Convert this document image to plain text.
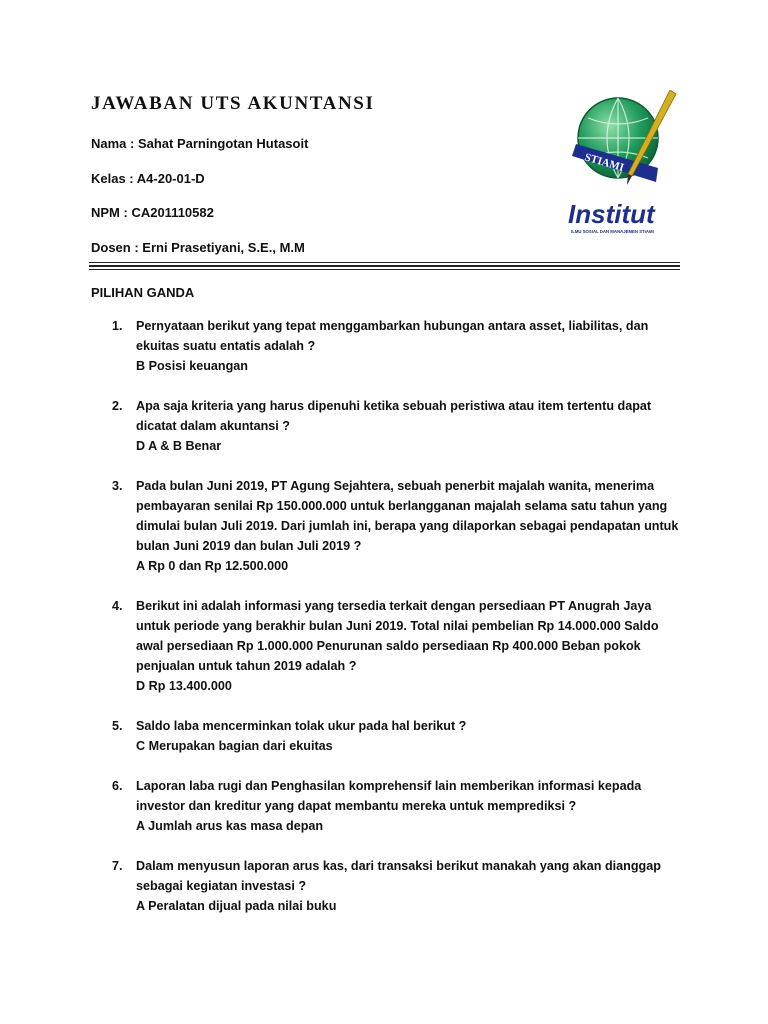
JAWABAN UTS AKUNTANSI
Nama : Sahat Parningotan Hutasoit
Kelas : A4-20-01-D
NPM : CA201110582
Dosen : Erni Prasetiyani, S.E., M.M
STIAMI
Institut
ILMU SOSIAL DAN MANAJEMEN STIAMI
PILIHAN GANDA
1. Pernyataan berikut yang tepat menggambarkan hubungan antara asset, liabilitas, dan ekuitas suatu entatis adalah ?
B Posisi keuangan
2. Apa saja kriteria yang harus dipenuhi ketika sebuah peristiwa atau item tertentu dapat dicatat dalam akuntansi ?
D A & B Benar
3. Pada bulan Juni 2019, PT Agung Sejahtera, sebuah penerbit majalah wanita, menerima pembayaran senilai Rp 150.000.000 untuk berlangganan majalah selama satu tahun yang dimulai bulan Juli 2019. Dari jumlah ini, berapa yang dilaporkan sebagai pendapatan untuk bulan Juni 2019 dan bulan Juli 2019 ?
A Rp 0 dan Rp 12.500.000
4. Berikut ini adalah informasi yang tersedia terkait dengan persediaan PT Anugrah Jaya untuk periode yang berakhir bulan Juni 2019. Total nilai pembelian Rp 14.000.000 Saldo awal persediaan Rp 1.000.000 Penurunan saldo persediaan Rp 400.000 Beban pokok penjualan untuk tahun 2019 adalah ?
D Rp 13.400.000
5. Saldo laba mencerminkan tolak ukur pada hal berikut ?
C Merupakan bagian dari ekuitas
6. Laporan laba rugi dan Penghasilan komprehensif lain memberikan informasi kepada investor dan kreditur yang dapat membantu mereka untuk memprediksi ?
A Jumlah arus kas masa depan
7. Dalam menyusun laporan arus kas, dari transaksi berikut manakah yang akan dianggap sebagai kegiatan investasi ?
A Peralatan dijual pada nilai buku
